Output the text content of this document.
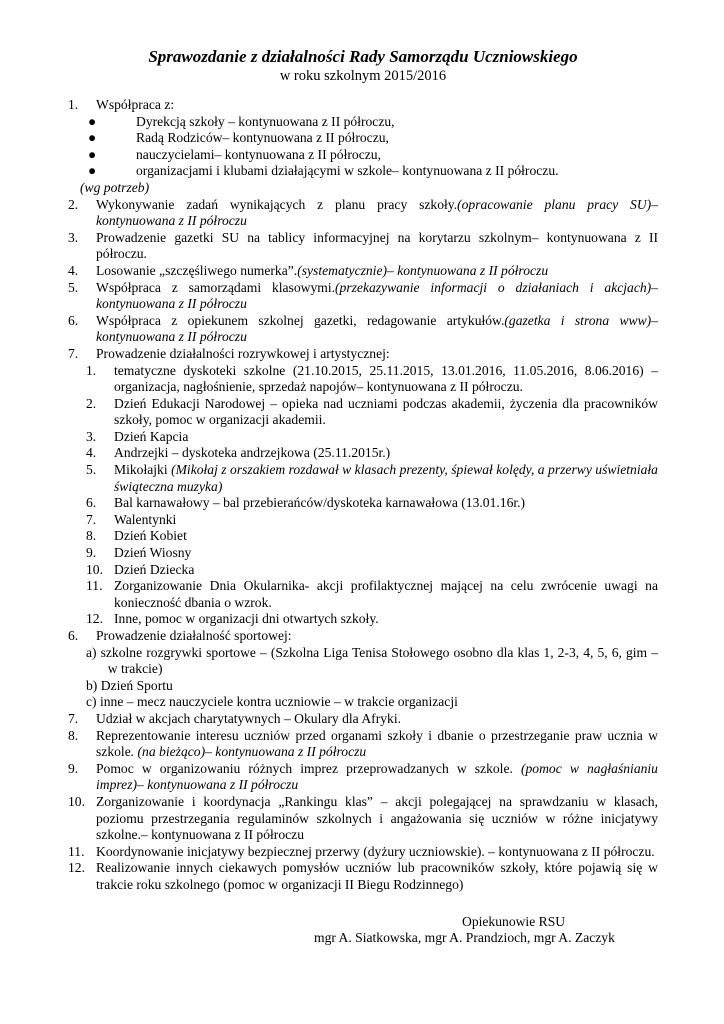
Sprawozdanie z działalności Rady Samorządu Uczniowskiego
w roku szkolnym 2015/2016
1.	Współpraca z:
●	Dyrekcją szkoły – kontynuowana z II półroczu,
●	Radą Rodziców– kontynuowana z II półroczu,
●	nauczycielami– kontynuowana z II półroczu,
●	organizacjami i klubami działającymi w szkole– kontynuowana z II półroczu.
(wg potrzeb)
2.	Wykonywanie zadań wynikających z planu pracy szkoły.(opracowanie planu pracy SU)– kontynuowana z II półroczu
3.	Prowadzenie gazetki SU na tablicy informacyjnej na korytarzu szkolnym– kontynuowana z II półroczu.
4.	Losowanie „szczęśliwego numerka”.(systematycznie)– kontynuowana z II półroczu
5.	Współpraca z samorządami klasowymi.(przekazywanie informacji o działaniach i akcjach)– kontynuowana z II półroczu
6.	Współpraca z opiekunem szkolnej gazetki, redagowanie artykułów.(gazetka i strona www)– kontynuowana z II półroczu
7.	Prowadzenie działalności rozrywkowej i artystycznej:
1.	tematyczne dyskoteki szkolne (21.10.2015, 25.11.2015, 13.01.2016, 11.05.2016, 8.06.2016) – organizacja, nagłośnienie, sprzedaż napojów– kontynuowana z II półroczu.
2.	Dzień Edukacji Narodowej – opieka nad uczniami podczas akademii, życzenia dla pracowników szkoły, pomoc w organizacji akademii.
3.	Dzień Kapcia
4.	Andrzejki – dyskoteka andrzejkowa (25.11.2015r.)
5.	Mikołajki (Mikołaj z orszakiem rozdawał w klasach prezenty, śpiewał kolędy, a przerwy uświetniała świąteczna muzyka)
6.	Bal karnawałowy – bal przebierańców/dyskoteka karnawałowa (13.01.16r.)
7.	Walentynki
8.	Dzień Kobiet
9.	Dzień Wiosny
10. Dzień Dziecka
11. Zorganizowanie Dnia Okularnika- akcji profilaktycznej mającej na celu zwrócenie uwagi na konieczność dbania o wzrok.
12. Inne, pomoc w organizacji dni otwartych szkoły.
6.	Prowadzenie działalność sportowej:
a) szkolne rozgrywki sportowe – (Szkolna Liga Tenisa Stołowego osobno dla klas 1, 2-3, 4, 5, 6, gim – w trakcie)
b) Dzień Sportu
c) inne – mecz nauczyciele kontra uczniowie – w trakcie organizacji
7.	Udział w akcjach charytatywnych – Okulary dla Afryki.
8.	Reprezentowanie interesu uczniów przed organami szkoły i dbanie o przestrzeganie praw ucznia w szkole. (na bieżąco)– kontynuowana z II półroczu
9.	Pomoc w organizowaniu różnych imprez przeprowadzanych w szkole. (pomoc w nagłaśnianiu imprez)– kontynuowana z II półroczu
10. Zorganizowanie i koordynacja „Rankingu klas” – akcji polegającej na sprawdzaniu w klasach, poziomu przestrzegania regulaminów szkolnych i angażowania się uczniów w różne inicjatywy szkolne.– kontynuowana z II półroczu
11. Koordynowanie inicjatywy bezpiecznej przerwy (dyżury uczniowskie). – kontynuowana z II półroczu.
12. Realizowanie innych ciekawych pomysłów uczniów lub pracowników szkoły, które pojawią się w trakcie roku szkolnego (pomoc w organizacji II Biegu Rodzinnego)
Opiekunowie RSU
mgr A. Siatkowska, mgr A. Prandzioch, mgr A. Zaczyk
